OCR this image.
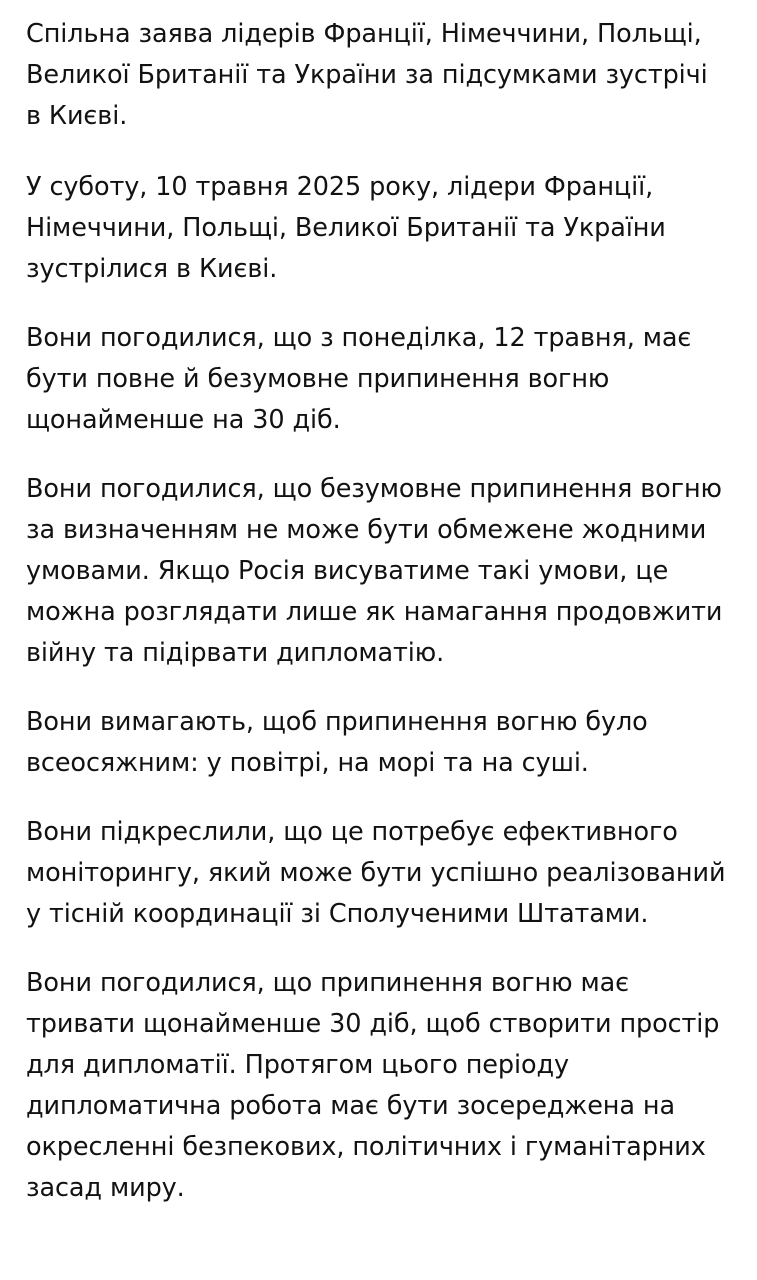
Спільна заява лідерів Франції, Німеччини, Польщі, Великої Британії та України за підсумками зустрічі в Києві.

У суботу, 10 травня 2025 року, лідери Франції, Німеччини, Польщі, Великої Британії та України зустрілися в Києві.

Вони погодилися, що з понеділка, 12 травня, має бути повне й безумовне припинення вогню щонайменше на 30 діб.

Вони погодилися, що безумовне припинення вогню за визначенням не може бути обмежене жодними умовами. Якщо Росія висуватиме такі умови, це можна розглядати лише як намагання продовжити війну та підірвати дипломатію.

Вони вимагають, щоб припинення вогню було всеосяжним: у повітрі, на морі та на суші.

Вони підкреслили, що це потребує ефективного моніторингу, який може бути успішно реалізований у тісній координації зі Сполученими Штатами.

Вони погодилися, що припинення вогню має тривати щонайменше 30 діб, щоб створити простір для дипломатії. Протягом цього періоду дипломатична робота має бути зосереджена на окресленні безпекових, політичних і гуманітарних засад миру.
